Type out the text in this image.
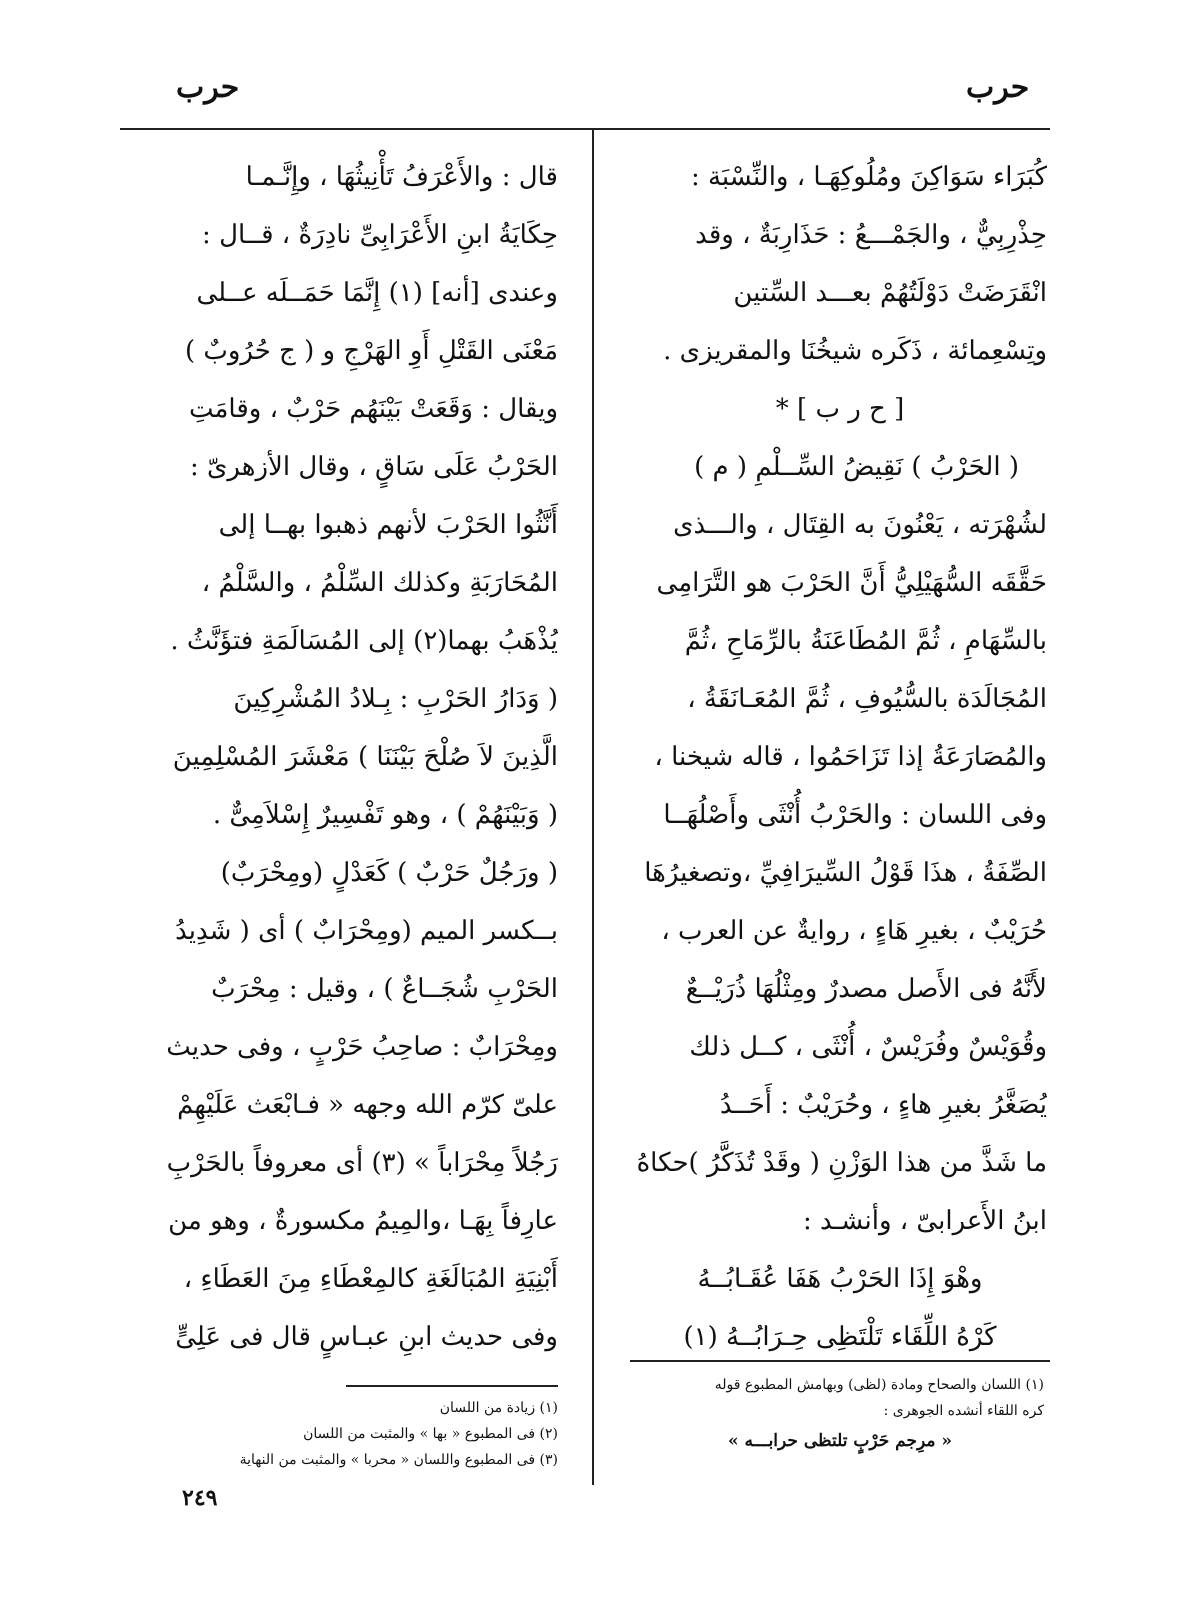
حرب
حرب
كُبَرَاء سَوَاكِنَ ومُلُوكِهَـا ، والنِّسْبَة :
حِذْرِبِيٌّ ، والجَمْـــعُ : حَذَارِبَةٌ ، وقد
انْقَرَضَتْ دَوْلَتُهُمْ بعـــد السِّتين
وتِسْعِمائة ، ذَكَره شيخُنَا والمقريزى .
[ ح ر ب ] *
( الحَرْبُ ) نَقِيضُ السِّــلْمِ ( م )
لشُهْرَته ، يَعْنُونَ به القِتَال ، والـــذى
حَقَّقَه السُّهَيْلِيُّ أَنَّ الحَرْبَ هو التَّرَامِى
بالسِّهَامِ ، ثُمَّ المُطَاعَنَةُ بالرِّمَاحِ ،ثُمَّ
المُجَالَدَة بالسُّيُوفِ ، ثُمَّ المُعَـانَقَةُ ،
والمُصَارَعَةُ إذا تَزَاحَمُوا ، قاله شيخنا ،
وفى اللسان : والحَرْبُ أُنْثَى وأَصْلُهَــا
الصِّفَةُ ، هذَا قَوْلُ السِّيرَافِيِّ ،وتصغيرُهَا
حُرَيْبٌ ، بغيرِ هَاءٍ ، روايةٌ عن العرب ،
لأَنَّهُ فى الأَصل مصدرٌ ومِثْلُهَا ذُرَيْــعٌ
وقُوَيْسٌ وفُرَيْسٌ ، أُنْثَى ، كــل ذلك
يُصَغَّرُ بغيرِ هاءٍ ، وحُرَيْبٌ : أَحَــدُ
ما شَذَّ من هذا الوَزْنِ ( وقَدْ تُذَكَّرُ )حكاهُ
ابنُ الأَعرابىّ ، وأنشـد :
وهْوَ إِذَا الحَرْبُ هَفَا عُقَـابُــهُ
كَرْهُ اللِّقَاء تَلْتَظِى حِـرَابُــهُ (١)
قال : والأَعْرَفُ تَأْنِيثُهَا ، وإِنَّـمـا
حِكَايَةُ ابنِ الأَعْرَابِىِّ نادِرَةٌ ، قــال :
وعندى [أنه] (١) إِنَّمَا حَمَــلَه عــلى
مَعْنَى القَتْلِ أَوِ الهَرْجِ و ( ج حُرُوبٌ )
ويقال : وَقَعَتْ بَيْنَهُم حَرْبٌ ، وقامَتِ
الحَرْبُ عَلَى سَاقٍ ، وقال الأزهرىّ :
أَنَّثُوا الحَرْبَ لأنهم ذهبوا بهــا إلى
المُحَارَبَةِ وكذلك السِّلْمُ ، والسَّلْمُ ،
يُذْهَبُ بهما(٢) إلى المُسَالَمَةِ فتؤَنَّثُ .
( وَدَارُ الحَرْبِ : بِـلادُ المُشْرِكِينَ
الَّذِينَ لاَ صُلْحَ بَيْنَنَا ) مَعْشَرَ المُسْلِمِينَ
( وَبَيْنَهُمْ ) ، وهو تَفْسِيرٌ إِسْلاَمِىٌّ .
( ورَجُلٌ حَرْبٌ ) كَعَدْلٍ (ومِحْرَبٌ)
بــكسر الميم (ومِحْرَابٌ ) أى ( شَدِيدُ
الحَرْبِ شُجَــاعٌ ) ، وقيل : مِحْرَبٌ
ومِحْرَابٌ : صاحِبُ حَرْبٍ ، وفى حديث
علىّ كرّم الله وجهه « فـابْعَث عَلَيْهِمْ
رَجُلاً مِحْرَاباً » (٣) أى معروفاً بالحَرْبِ
عارِفاً بِهَـا ،والمِيمُ مكسورةٌ ، وهو من
أَبْنِيَةِ المُبَالَغَةِ كالمِعْطَاءِ مِنَ العَطَاءِ ،
وفى حديث ابنِ عبـاسٍ قال فى عَلِىٍّ
(١) اللسان والصحاح ومادة (لظى) وبهامش المطبوع قوله
كره اللقاء أنشده الجوهرى :
« مرِجم حَرْبٍ تلتظى حرابـــه »
(١) زيادة من اللسان
(٢) فى المطبوع « بها » والمثبت من اللسان
(٣) فى المطبوع واللسان « محربا » والمثبت من النهاية
٢٤٩
